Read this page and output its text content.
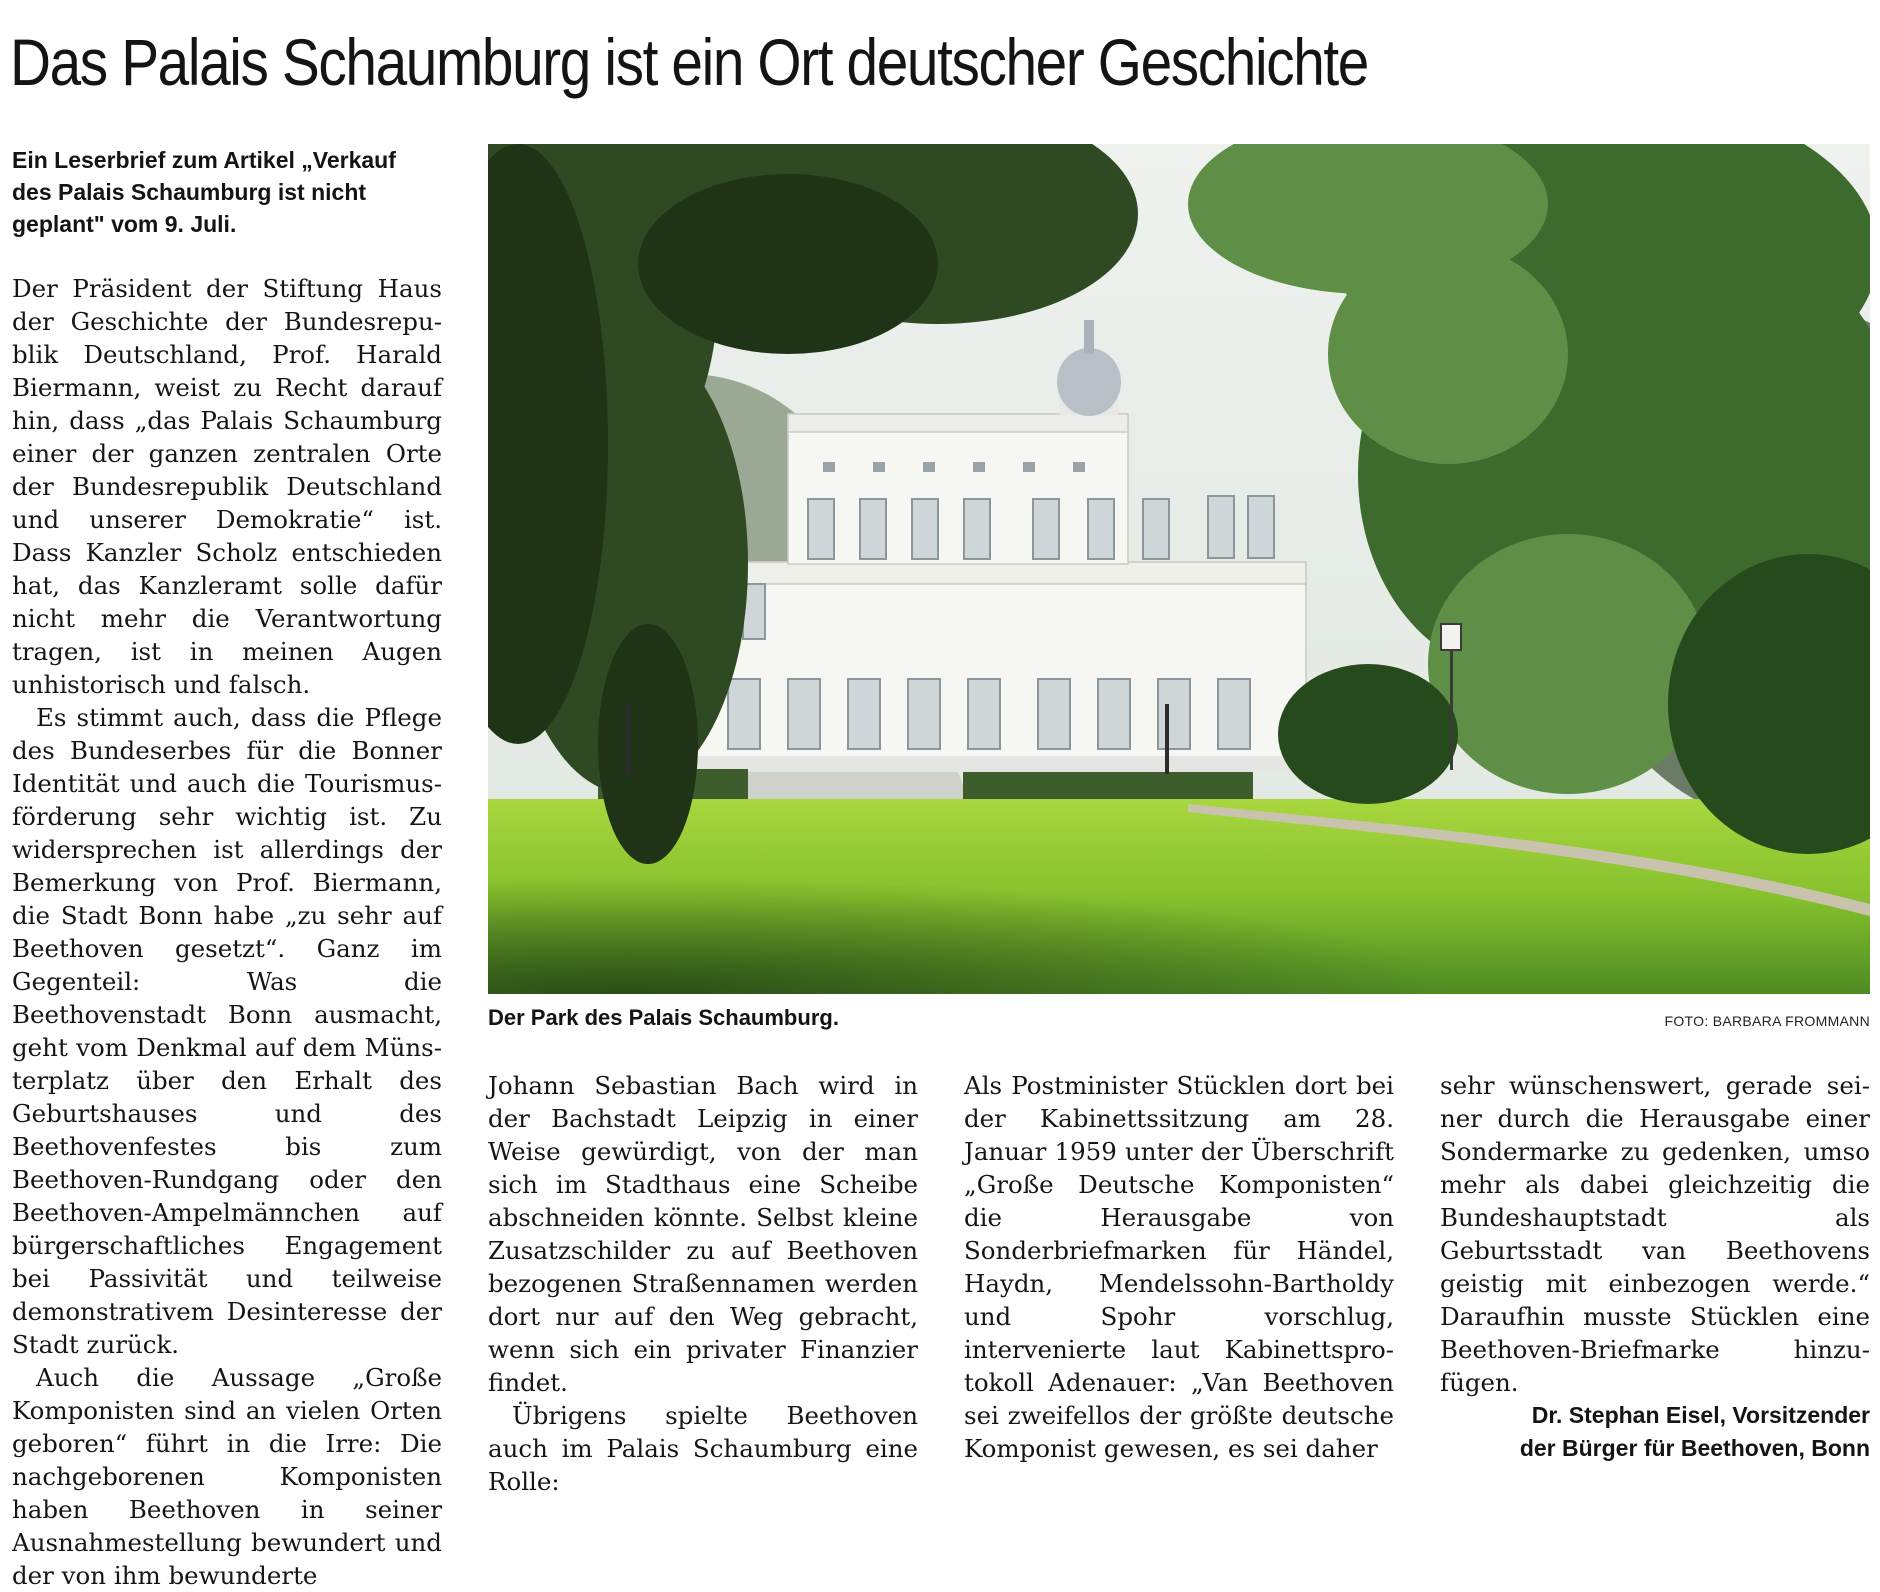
Das Palais Schaumburg ist ein Ort deutscher Geschichte

Ein Leserbrief zum Artikel „Verkauf des Palais Schaumburg ist nicht geplant" vom 9. Juli.

Der Präsident der Stiftung Haus der Geschichte der Bundesrepublik Deutschland, Prof. Harald Biermann, weist zu Recht darauf hin, dass „das Palais Schaumburg einer der ganzen zentralen Orte der Bundesrepublik Deutschland und unserer Demokratie“ ist. Dass Kanzler Scholz entschieden hat, das Kanzleramt solle dafür nicht mehr die Verantwortung tragen, ist in meinen Augen unhistorisch und falsch.

Es stimmt auch, dass die Pflege des Bundeserbes für die Bonner Identität und auch die Tourismusförderung sehr wichtig ist. Zu widersprechen ist allerdings der Bemerkung von Prof. Biermann, die Stadt Bonn habe „zu sehr auf Beethoven gesetzt“. Ganz im Gegenteil: Was die Beethovenstadt Bonn ausmacht, geht vom Denkmal auf dem Münsterplatz über den Erhalt des Geburtshauses und des Beethovenfestes bis zum Beethoven-Rundgang oder den Beethoven-Ampelmännchen auf bürgerschaftliches Engagement bei Passivität und teilweise demonstrativem Desinteresse der Stadt zurück.

Auch die Aussage „Große Komponisten sind an vielen Orten geboren“ führt in die Irre: Die nachgeborenen Komponisten haben Beethoven in seiner Ausnahmestellung bewundert und der von ihm bewunderte

Der Park des Palais Schaumburg.	FOTO: BARBARA FROMMANN

Johann Sebastian Bach wird in der Bachstadt Leipzig in einer Weise gewürdigt, von der man sich im Stadthaus eine Scheibe abschneiden könnte. Selbst kleine Zusatzschilder zu auf Beethoven bezogenen Straßennamen werden dort nur auf den Weg gebracht, wenn sich ein privater Finanzier findet.

Übrigens spielte Beethoven auch im Palais Schaumburg eine Rolle:

Als Postminister Stücklen dort bei der Kabinettssitzung am 28. Januar 1959 unter der Überschrift „Große Deutsche Komponisten“ die Herausgabe von Sonderbriefmarken für Händel, Haydn, Mendelssohn-Bartholdy und Spohr vorschlug, intervenierte laut Kabinettsprotokoll Adenauer: „Van Beethoven sei zweifellos der größte deutsche Komponist gewesen, es sei daher

sehr wünschenswert, gerade seiner durch die Herausgabe einer Sondermarke zu gedenken, umso mehr als dabei gleichzeitig die Bundeshauptstadt als Geburtsstadt van Beethovens geistig mit einbezogen werde.“ Daraufhin musste Stücklen eine Beethoven-Briefmarke hinzufügen.

Dr. Stephan Eisel, Vorsitzender
der Bürger für Beethoven, Bonn
